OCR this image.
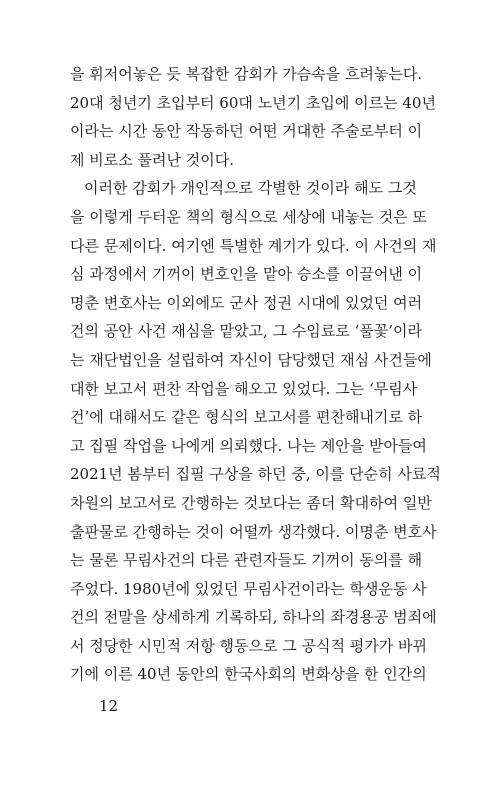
을 휘저어놓은 듯 복잡한 감회가 가슴속을 흐려놓는다.
20대 청년기 초입부터 60대 노년기 초입에 이르는 40년
이라는 시간 동안 작동하던 어떤 거대한 주술로부터 이
제 비로소 풀려난 것이다.
이러한 감회가 개인적으로 각별한 것이라 해도 그것
을 이렇게 두터운 책의 형식으로 세상에 내놓는 것은 또
다른 문제이다. 여기엔 특별한 계기가 있다. 이 사건의 재
심 과정에서 기꺼이 변호인을 맡아 승소를 이끌어낸 이
명춘 변호사는 이외에도 군사 정권 시대에 있었던 여러
건의 공안 사건 재심을 맡았고, 그 수임료로 ‘풀꽃’이라
는 재단법인을 설립하여 자신이 담당했던 재심 사건들에
대한 보고서 편찬 작업을 해오고 있었다. 그는 ‘무림사
건’에 대해서도 같은 형식의 보고서를 편찬해내기로 하
고 집필 작업을 나에게 의뢰했다. 나는 제안을 받아들여
2021년 봄부터 집필 구상을 하던 중, 이를 단순히 사료적
차원의 보고서로 간행하는 것보다는 좀더 확대하여 일반
출판물로 간행하는 것이 어떨까 생각했다. 이명춘 변호사
는 물론 무림사건의 다른 관련자들도 기꺼이 동의를 해
주었다. 1980년에 있었던 무림사건이라는 학생운동 사
건의 전말을 상세하게 기록하되, 하나의 좌경용공 범죄에
서 정당한 시민적 저항 행동으로 그 공식적 평가가 바뀌
기에 이른 40년 동안의 한국사회의 변화상을 한 인간의
12
